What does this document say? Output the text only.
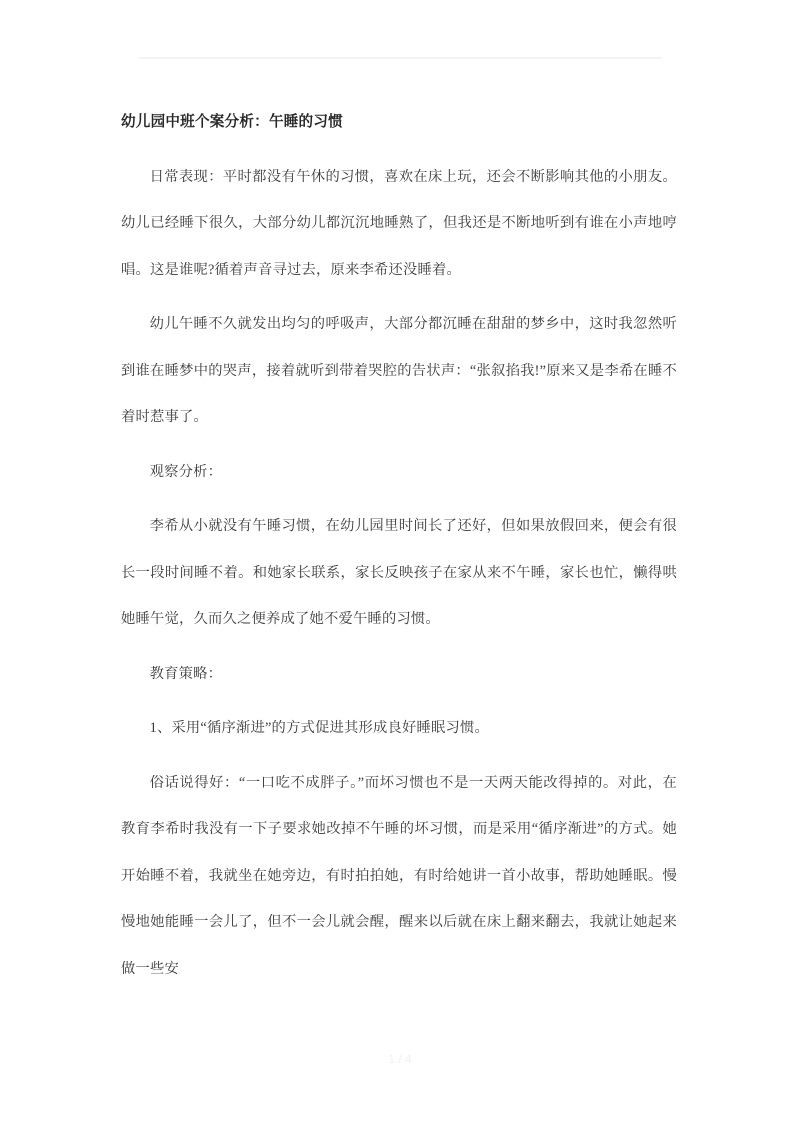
幼儿园中班个案分析：午睡的习惯

日常表现：平时都没有午休的习惯，喜欢在床上玩，还会不断影响其他的小朋友。幼儿已经睡下很久，大部分幼儿都沉沉地睡熟了，但我还是不断地听到有谁在小声地哼唱。这是谁呢?循着声音寻过去，原来李希还没睡着。

幼儿午睡不久就发出均匀的呼吸声，大部分都沉睡在甜甜的梦乡中，这时我忽然听到谁在睡梦中的哭声，接着就听到带着哭腔的告状声：“张叙掐我!”原来又是李希在睡不着时惹事了。

观察分析：

李希从小就没有午睡习惯，在幼儿园里时间长了还好，但如果放假回来，便会有很长一段时间睡不着。和她家长联系，家长反映孩子在家从来不午睡，家长也忙，懒得哄她睡午觉，久而久之便养成了她不爱午睡的习惯。

教育策略：

1、采用“循序渐进”的方式促进其形成良好睡眠习惯。

俗话说得好：“一口吃不成胖子。”而坏习惯也不是一天两天能改得掉的。对此，在教育李希时我没有一下子要求她改掉不午睡的坏习惯，而是采用“循序渐进”的方式。她开始睡不着，我就坐在她旁边，有时拍拍她，有时给她讲一首小故事，帮助她睡眠。慢慢地她能睡一会儿了，但不一会儿就会醒，醒来以后就在床上翻来翻去，我就让她起来做一些安

1 / 4
